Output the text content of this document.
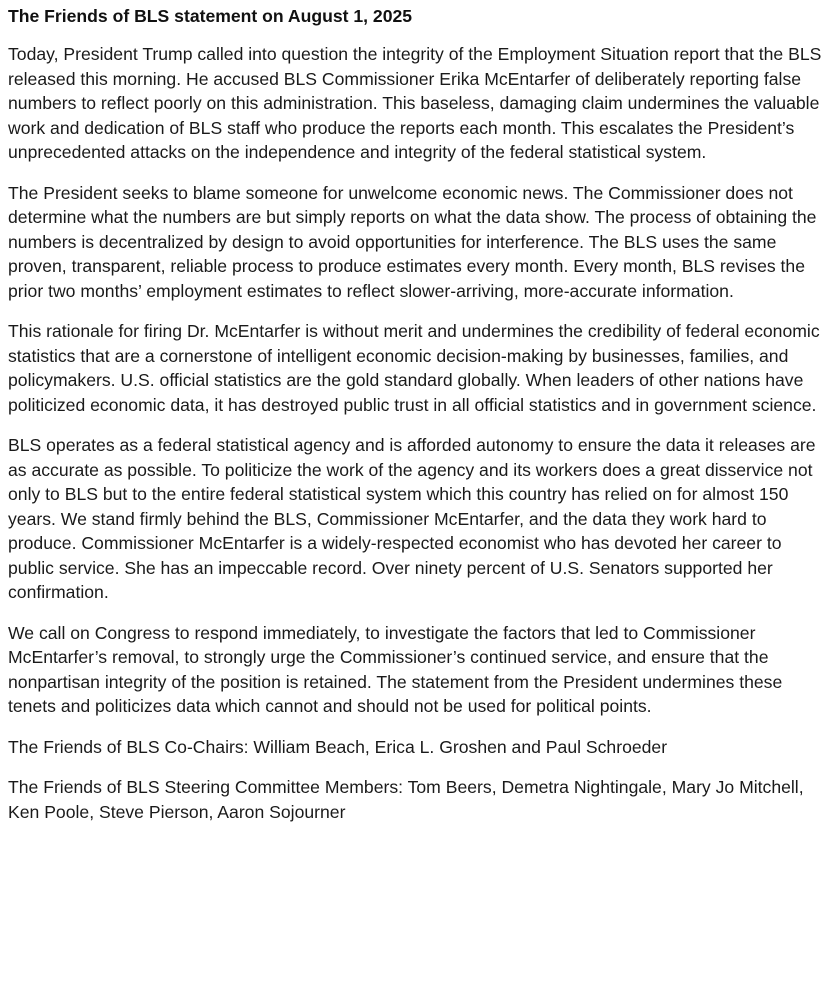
The Friends of BLS statement on August 1, 2025

Today, President Trump called into question the integrity of the Employment Situation report that the BLS released this morning. He accused BLS Commissioner Erika McEntarfer of deliberately reporting false numbers to reflect poorly on this administration. This baseless, damaging claim undermines the valuable work and dedication of BLS staff who produce the reports each month. This escalates the President’s unprecedented attacks on the independence and integrity of the federal statistical system.

The President seeks to blame someone for unwelcome economic news. The Commissioner does not determine what the numbers are but simply reports on what the data show. The process of obtaining the numbers is decentralized by design to avoid opportunities for interference. The BLS uses the same proven, transparent, reliable process to produce estimates every month. Every month, BLS revises the prior two months’ employment estimates to reflect slower-arriving, more-accurate information.

This rationale for firing Dr. McEntarfer is without merit and undermines the credibility of federal economic statistics that are a cornerstone of intelligent economic decision-making by businesses, families, and policymakers. U.S. official statistics are the gold standard globally. When leaders of other nations have politicized economic data, it has destroyed public trust in all official statistics and in government science.

BLS operates as a federal statistical agency and is afforded autonomy to ensure the data it releases are as accurate as possible. To politicize the work of the agency and its workers does a great disservice not only to BLS but to the entire federal statistical system which this country has relied on for almost 150 years. We stand firmly behind the BLS, Commissioner McEntarfer, and the data they work hard to produce. Commissioner McEntarfer is a widely-respected economist who has devoted her career to public service. She has an impeccable record. Over ninety percent of U.S. Senators supported her confirmation.

We call on Congress to respond immediately, to investigate the factors that led to Commissioner McEntarfer’s removal, to strongly urge the Commissioner’s continued service, and ensure that the nonpartisan integrity of the position is retained. The statement from the President undermines these tenets and politicizes data which cannot and should not be used for political points.

The Friends of BLS Co-Chairs: William Beach, Erica L. Groshen and Paul Schroeder

The Friends of BLS Steering Committee Members: Tom Beers, Demetra Nightingale, Mary Jo Mitchell, Ken Poole, Steve Pierson, Aaron Sojourner
